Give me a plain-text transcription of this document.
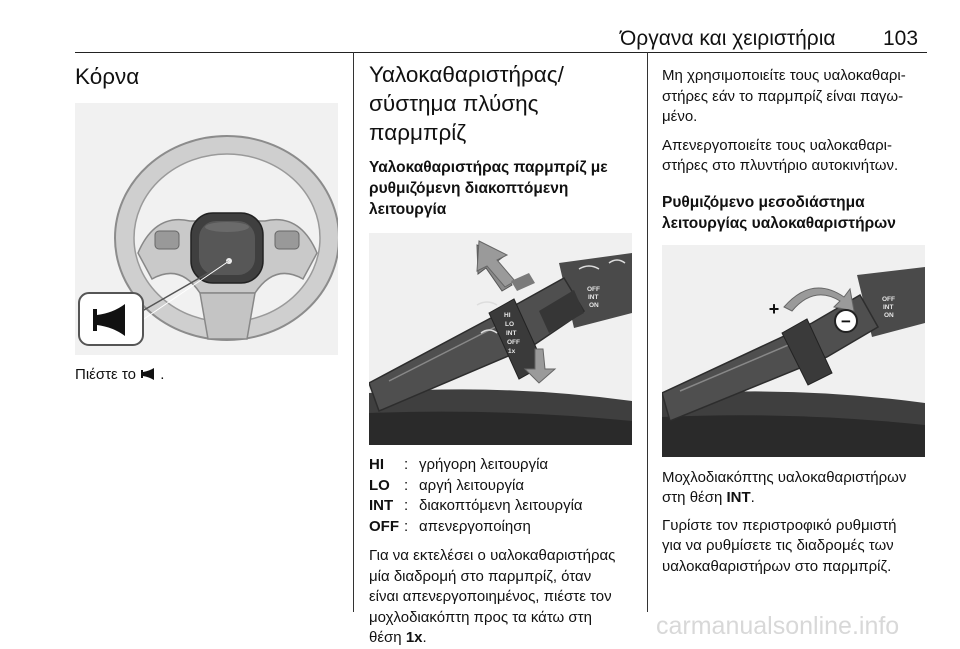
Όργανα και χειριστήρια 103
Κόρνα

Πιέστε το .

Υαλοκαθαριστήρας/
σύστημα πλύσης παρμπρίζ
Υαλοκαθαριστήρας παρμπρίζ με
ρυθμιζόμενη διακοπτόμενη
λειτουργία
HI
LO
INT
OFF
1x
OFF
INT
ON
HI	:	γρήγορη λειτουργία
LO	:	αργή λειτουργία
INT	:	διακοπτόμενη λειτουργία
OFF	:	απενεργοποίηση

Για να εκτελέσει ο υαλοκαθαριστήρας
μία διαδρομή στο παρμπρίζ, όταν
είναι απενεργοποιημένος, πιέστε τον
μοχλοδιακόπτη προς τα κάτω στη
θέση 1x.

Μη χρησιμοποιείτε τους υαλοκαθαρι-
στήρες εάν το παρμπρίζ είναι παγω-
μένο.

Απενεργοποιείτε τους υαλοκαθαρι-
στήρες στο πλυντήριο αυτοκινήτων.

Ρυθμιζόμενο μεσοδιάστημα
λειτουργίας υαλοκαθαριστήρων
−
+	OFF
INT
ON

Μοχλοδιακόπτης υαλοκαθαριστήρων
στη θέση INT.

Γυρίστε τον περιστροφικό ρυθμιστή
για να ρυθμίσετε τις διαδρομές των
υαλοκαθαριστήρων στο παρμπρίζ.

carmanualsonline.info
